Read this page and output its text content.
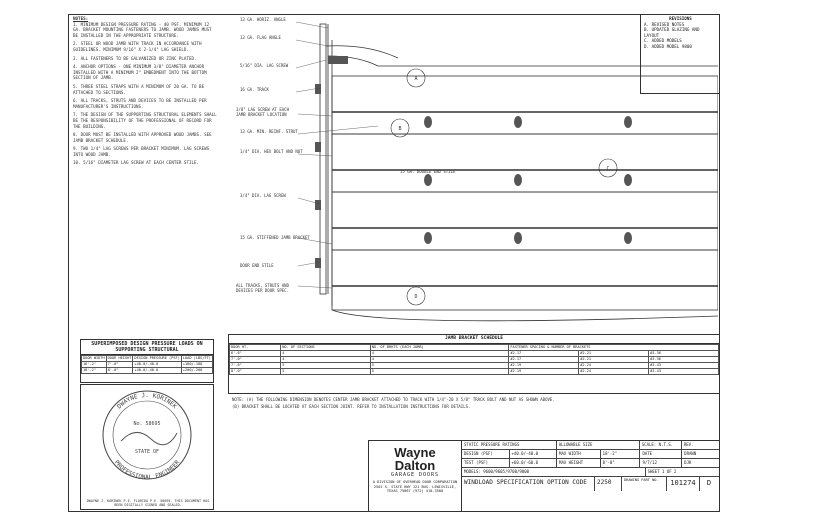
NOTES:

1. MINIMUM DESIGN PRESSURE RATING - 40 PSF. MINIMUM 12 GA. BRACKET MOUNTING FASTENERS TO JAMB. WOOD JAMBS MUST BE INSTALLED IN THE APPROPRIATE STRUCTURE.

2. STEEL OR WOOD JAMB WITH TRACK IN ACCORDANCE WITH GUIDELINES. MINIMUM 9/16" X 2-1/4" LAG SHIELD.

3. ALL FASTENERS TO BE GALVANIZED OR ZINC PLATED.

4. ANCHOR OPTIONS - ONE MINIMUM 3/8" DIAMETER ANCHOR INSTALLED WITH A MINIMUM 2" EMBEDMENT INTO THE BOTTOM SECTION OF JAMB.

5. THREE STEEL STRAPS WITH A MINIMUM OF 20 GA. TO BE ATTACHED TO SECTIONS.

6. ALL TRACKS, STRUTS AND DEVICES TO BE INSTALLED PER MANUFACTURER'S INSTRUCTIONS.

7. THE DESIGN OF THE SUPPORTING STRUCTURAL ELEMENTS SHALL BE THE RESPONSIBILITY OF THE PROFESSIONAL OF RECORD FOR THE BUILDING.

8. DOOR MUST BE INSTALLED WITH APPROVED WOOD JAMBS. SEE JAMB BRACKET SCHEDULE.

9. TWO 1/4" LAG SCREWS PER BRACKET MINIMUM. LAG SCREWS INTO WOOD JAMB.

10. 5/16" DIAMETER LAG SCREW AT EACH CENTER STILE.

REVISIONS
A. REVISED NOTES
B. UPDATED GLAZING AND LAYOUT
C. ADDED MODELS
D. ADDED MODEL 9800
A
B
C
D
13 GA. HORIZ. ANGLE
13 GA. FLAG ANGLE
5/16" DIA. LAG SCREW
16 GA. TRACK
3/8" LAG SCREW AT EACH JAMB BRACKET LOCATION
13 GA. MIN. REINF. STRUT
1/4" DIA. HEX BOLT AND NUT
15 GA. DOUBLE END STILE
3/4" DIA. LAG SCREW
15 GA. STIFFENED JAMB BRACKET
DOOR END STILE
ALL TRACKS, STRUTS AND DEVICES PER DOOR SPEC.
JAMB BRACKET SCHEDULE
DOOR HT.	NO. OF SECTIONS	NO. OF BRKTS (EACH JAMB)	FASTENER SPACING & NUMBER OF BRACKETS		
6'-6"	4	4	#2-17	#2-21	#3-36
7'-0"	4	4	#2-17	#2-21	#3-36
7'-6"	5	5	#2-19	#2-24	#3-43
8'-0"	5	5	#2-19	#2-24	#3-43
NOTE: (A) THE FOLLOWING DIMENSION DENOTES CENTER JAMB BRACKET ATTACHED TO TRACK WITH 1/4"-20 X 5/8" TRACK BOLT AND NUT AS SHOWN ABOVE.
(B) BRACKET SHALL BE LOCATED AT EACH SECTION JOINT. REFER TO INSTALLATION INSTRUCTIONS FOR DETAILS.
SUPERIMPOSED DESIGN PRESSURE LOADS ON SUPPORTING STRUCTURAL
DOOR WIDTH	DOOR HEIGHT	DESIGN PRESSURE (PSF)	LOAD (LBS/FT)
16'-2"	7'-0"	+40.0/-40.0	+180/-180
18'-2"	8'-0"	+40.0/-40.0	+200/-200
DWAYNE J. KORINEK
PROFESSIONAL ENGINEER
No. 58695
STATE OF
DWAYNE J. KORINEK P.E. FLORIDA P.E. 58695. THIS DOCUMENT HAS BEEN DIGITALLY SIGNED AND SEALED.
Wayne
Dalton
GARAGE DOORS
A DIVISION OF OVERHEAD DOOR CORPORATION 2501 S. STATE HWY 121 BUS. LEWISVILLE, TEXAS 75067 (972) 410-3500
STATIC PRESSURE RATINGS	ALLOWABLE SIZE	SCALE: N.T.S.	REV.
DESIGN (PSF)	+40.0/-40.0	MAX WIDTH	18'-2"	DATE	DRAWN
TEST (PSF)	+60.0/-60.0	MAX HEIGHT	8'-0"	9/7/12	DJK
MODELS: 9600/9605/9700/9800	SHEET 1 OF 2
WINDLOAD SPECIFICATION OPTION CODE	2250	DRAWING PART NO.	101274	D
